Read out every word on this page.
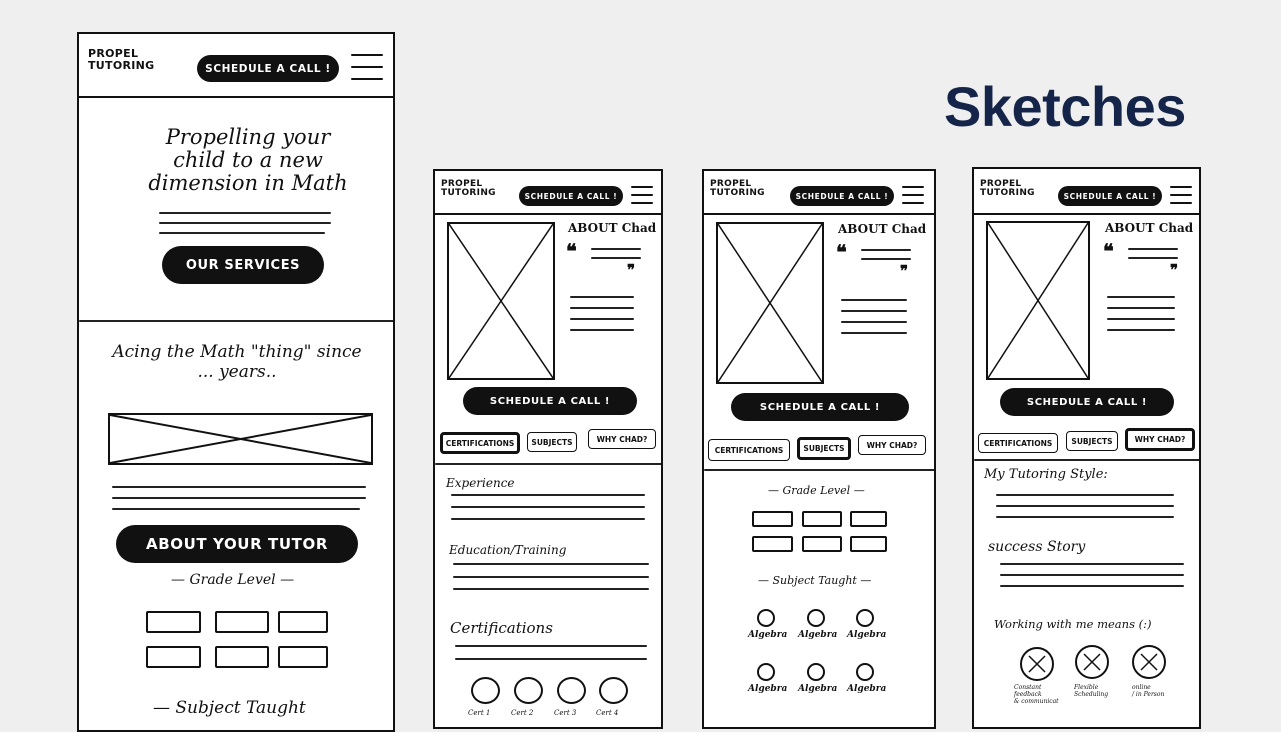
Sketches
PROPEL
TUTORING	SCHEDULE A CALL !
Propelling your child to a new dimension in Math
OUR SERVICES
Acing the Math "thing" since ... years..
ABOUT YOUR TUTOR
— Grade Level —
— Subject Taught
PROPEL
TUTORING	SCHEDULE A CALL !
ABOUT Chad
❝
❞
SCHEDULE A CALL !
CERTIFICATIONS	SUBJECTS	WHY CHAD?
Experience
Education/Training
Certifications
Cert 1	Cert 2	Cert 3	Cert 4
PROPEL
TUTORING	SCHEDULE A CALL !
ABOUT Chad
❝
❞
SCHEDULE A CALL !
CERTIFICATIONS	SUBJECTS	WHY CHAD?
— Grade Level —
— Subject Taught —
Algebra Algebra Algebra
Algebra Algebra Algebra
PROPEL
TUTORING	SCHEDULE A CALL !
ABOUT Chad
❝
❞
SCHEDULE A CALL !
CERTIFICATIONS	SUBJECTS	WHY CHAD?
My Tutoring Style:
success Story
Working with me means (:)
Constant
feedback
& communicat
Flexible
Scheduling
online
/ in Person
